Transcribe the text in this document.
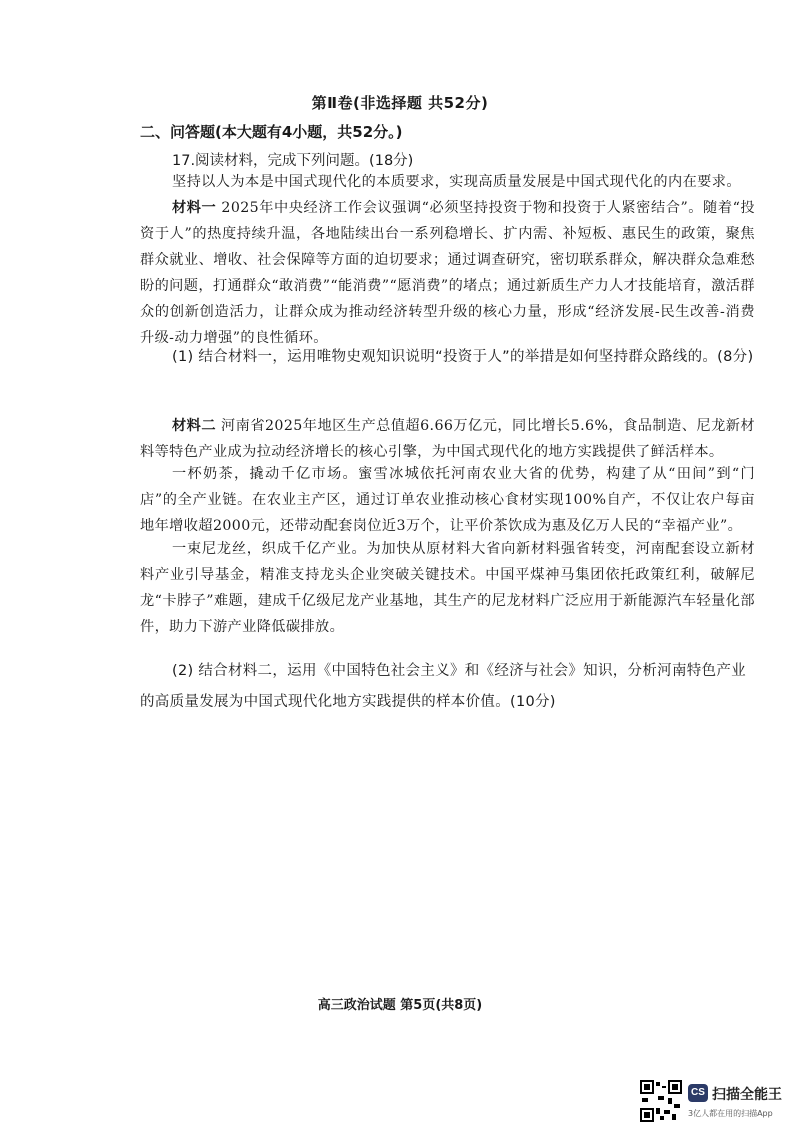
第Ⅱ卷(非选择题 共52分)
二、问答题(本大题有4小题，共52分。)
17.阅读材料，完成下列问题。(18分)
坚持以人为本是中国式现代化的本质要求，实现高质量发展是中国式现代化的内在要求。
材料一 2025年中央经济工作会议强调“必须坚持投资于物和投资于人紧密结合”。随着“投资于人”的热度持续升温，各地陆续出台一系列稳增长、扩内需、补短板、惠民生的政策，聚焦群众就业、增收、社会保障等方面的迫切要求；通过调查研究，密切联系群众，解决群众急难愁盼的问题，打通群众“敢消费”“能消费”“愿消费”的堵点；通过新质生产力人才技能培育，激活群众的创新创造活力，让群众成为推动经济转型升级的核心力量，形成“经济发展-民生改善-消费升级-动力增强”的良性循环。
(1) 结合材料一，运用唯物史观知识说明“投资于人”的举措是如何坚持群众路线的。(8分)
材料二 河南省2025年地区生产总值超6.66万亿元，同比增长5.6%，食品制造、尼龙新材料等特色产业成为拉动经济增长的核心引擎，为中国式现代化的地方实践提供了鲜活样本。
一杯奶茶，撬动千亿市场。蜜雪冰城依托河南农业大省的优势，构建了从“田间”到“门店”的全产业链。在农业主产区，通过订单农业推动核心食材实现100%自产，不仅让农户每亩地年增收超2000元，还带动配套岗位近3万个，让平价茶饮成为惠及亿万人民的“幸福产业”。
一束尼龙丝，织成千亿产业。为加快从原材料大省向新材料强省转变，河南配套设立新材料产业引导基金，精准支持龙头企业突破关键技术。中国平煤神马集团依托政策红利，破解尼龙“卡脖子”难题，建成千亿级尼龙产业基地，其生产的尼龙材料广泛应用于新能源汽车轻量化部件，助力下游产业降低碳排放。
(2) 结合材料二，运用《中国特色社会主义》和《经济与社会》知识，分析河南特色产业的高质量发展为中国式现代化地方实践提供的样本价值。(10分)
高三政治试题 第5页(共8页)
CS 扫描全能王
3亿人都在用的扫描App
